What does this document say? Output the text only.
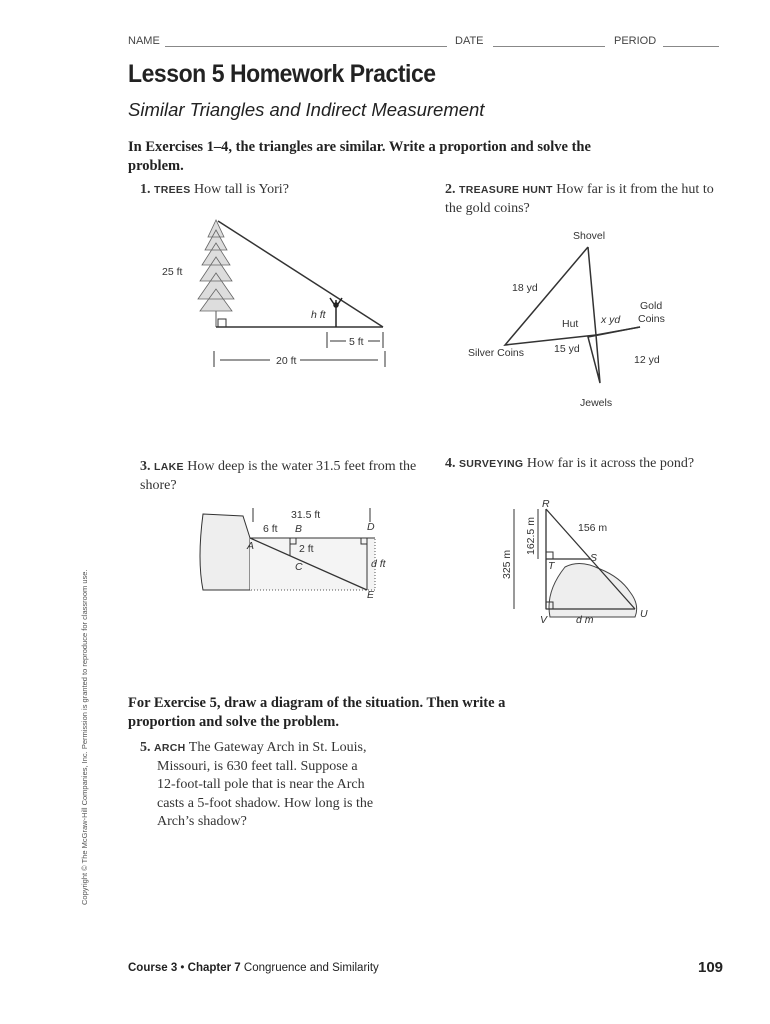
NAME	DATE	PERIOD
Lesson 5 Homework Practice
Similar Triangles and Indirect Measurement
In Exercises 1–4, the triangles are similar. Write a proportion and solve the problem.
1. TREES How tall is Yori?
25 ft
h ft
5 ft
20 ft
2. TREASURE HUNT How far is it from the hut to the gold coins?
Shovel
18 yd
Hut x yd
Gold
Coins
Silver Coins	15 yd
12 yd
Jewels
3. LAKE How deep is the water 31.5 feet from the shore?
31.5 ft
6 ft B	D
A	2 ft
C	d ft
E
4. SURVEYING How far is it across the pond?
R
156 m
S
T
U
V	d m
162.5 m
325 m
For Exercise 5, draw a diagram of the situation. Then write a proportion and solve the problem.
5. ARCH The Gateway Arch in St. Louis,
Missouri, is 630 feet tall. Suppose a
12-foot-tall pole that is near the Arch
casts a 5-foot shadow. How long is the
Arch’s shadow?
Copyright © The McGraw-Hill Companies, Inc. Permission is granted to reproduce for classroom use.
Course 3 • Chapter 7 Congruence and Similarity	109
